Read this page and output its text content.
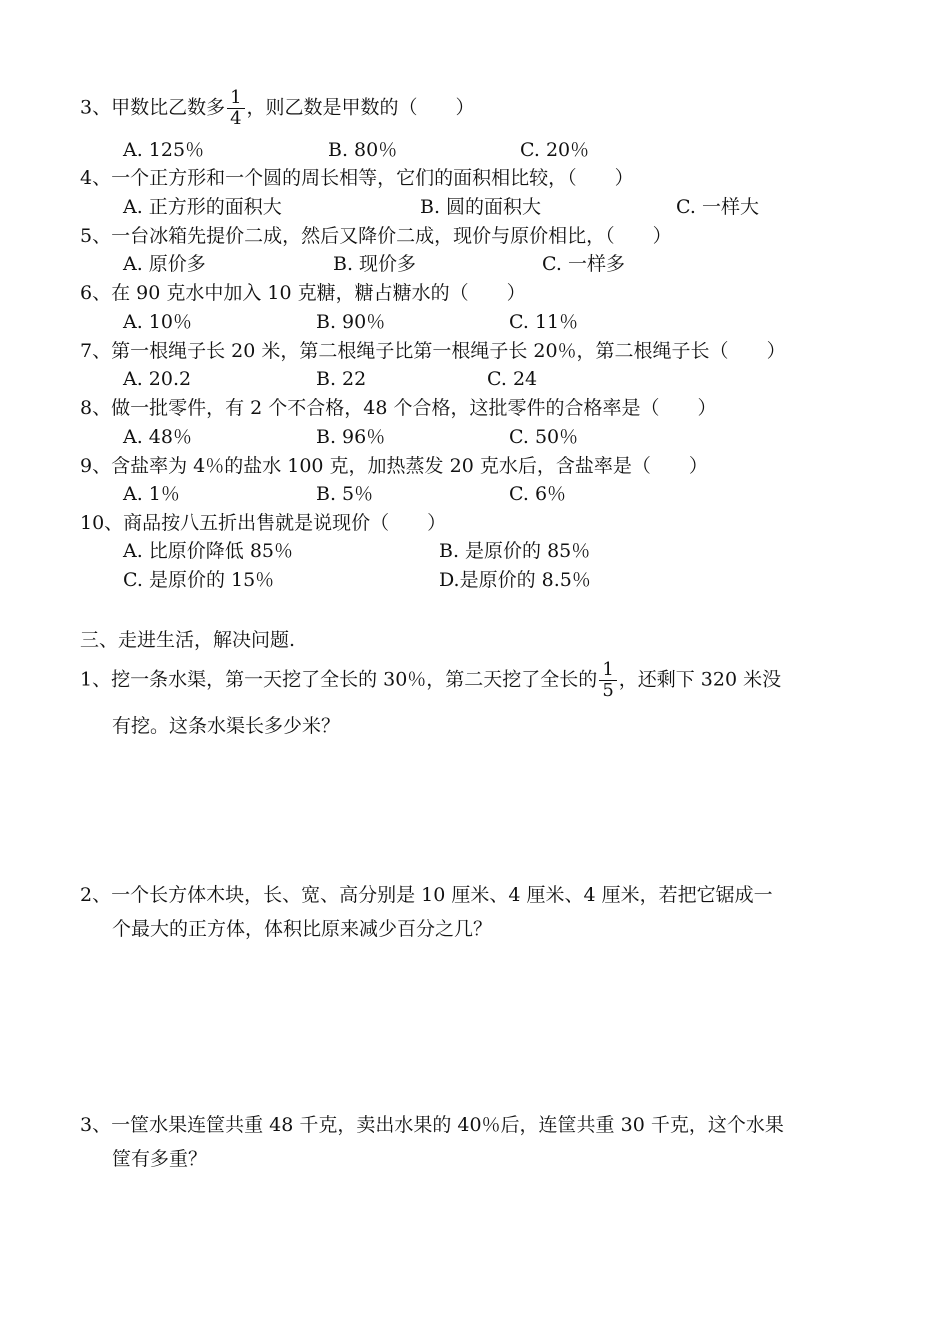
3、甲数比乙数多 $\frac{1}{4}$ ，则乙数是甲数的（　　）
A. 125％	B. 80％	C. 20％
4、一个正方形和一个圆的周长相等，它们的面积相比较，（　　）
A. 正方形的面积大	B. 圆的面积大	C. 一样大
5、一台冰箱先提价二成，然后又降价二成，现价与原价相比，（　　）
A. 原价多	B. 现价多	C. 一样多
6、在 90 克水中加入 10 克糖，糖占糖水的（　　）
A. 10％	B. 90％	C. 11％
7、第一根绳子长 20 米，第二根绳子比第一根绳子长 20％，第二根绳子长（　　）
A. 20.2	B. 22	C. 24
8、做一批零件，有 2 个不合格，48 个合格，这批零件的合格率是（　　）
A. 48％	B. 96％	C. 50％
9、含盐率为 4％的盐水 100 克，加热蒸发 20 克水后，含盐率是（　　）
A. 1％	B. 5％	C. 6％
10、商品按八五折出售就是说现价（　　）
A. 比原价降低 85％	B. 是原价的 85％
C. 是原价的 15％	D.是原价的 8.5％
三、走进生活，解决问题.
1、挖一条水渠，第一天挖了全长的 30％，第二天挖了全长的 $\frac{1}{5}$ ，还剩下 320 米没
有挖。这条水渠长多少米？
2、一个长方体木块，长、宽、高分别是 10 厘米、4 厘米、4 厘米，若把它锯成一
个最大的正方体，体积比原来减少百分之几？
3、一筐水果连筐共重 48 千克，卖出水果的 40％后，连筐共重 30 千克，这个水果
筐有多重？
